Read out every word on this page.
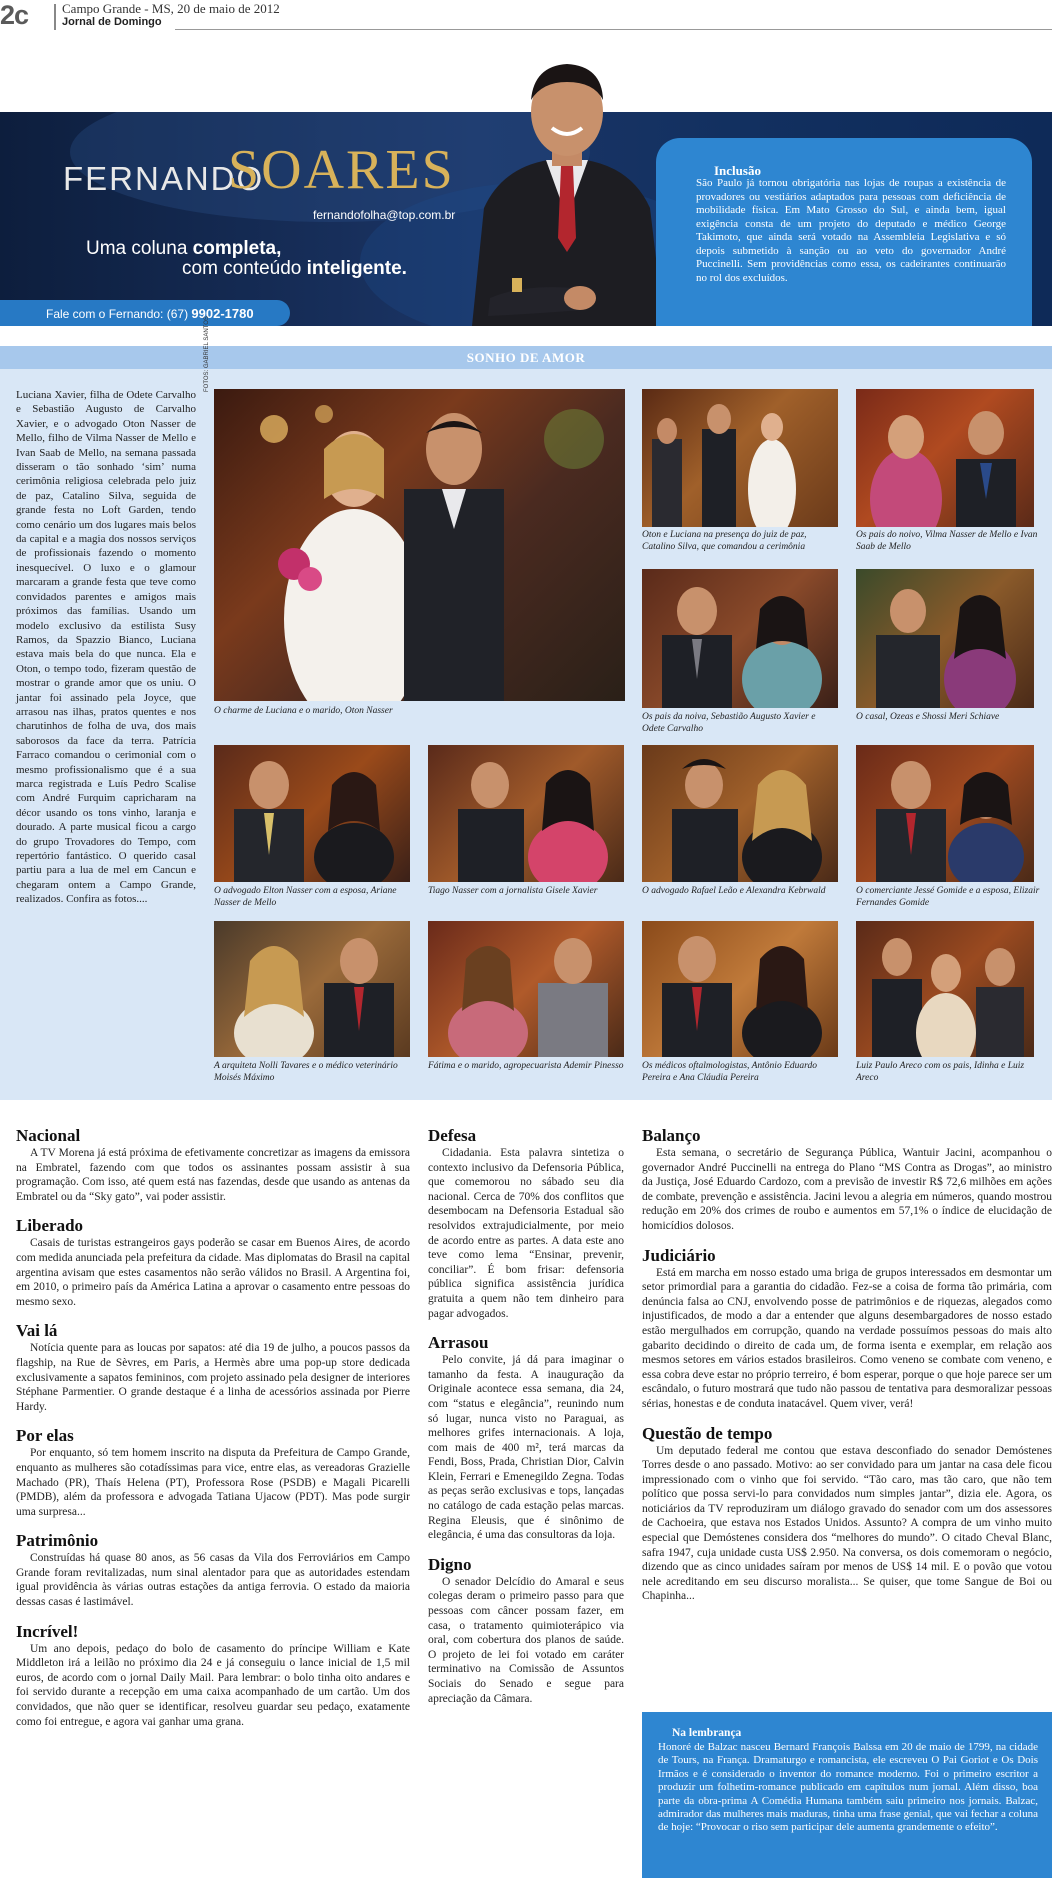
2c	Campo Grande - MS, 20 de maio de 2012
Jornal de Domingo
FERNANDO
SOARES
fernandofolha@top.com.br
Uma coluna completa,
com conteúdo inteligente.
Fale com o Fernando: (67) 9902-1780
Inclusão
São Paulo já tornou obrigatória nas lojas de roupas a existência de provadores ou vestiários adaptados para pessoas com deficiência de mobilidade física. Em Mato Grosso do Sul, e ainda bem, igual exigência consta de um projeto do deputado e médico George Takimoto, que ainda será votado na Assembleia Legislativa e só depois submetido à sanção ou ao veto do governador André Puccinelli. Sem providências como essa, os cadeirantes continuarão no rol dos excluídos.
SONHO DE AMOR
Luciana Xavier, filha de Odete Carvalho e Sebastião Augusto de Carvalho Xavier, e o advogado Oton Nasser de Mello, filho de Vilma Nasser de Mello e Ivan Saab de Mello, na semana passada disseram o tão sonhado ‘sim’ numa cerimônia religiosa celebrada pelo juiz de paz, Catalino Silva, seguida de grande festa no Loft Garden, tendo como cenário um dos lugares mais belos da capital e a magia dos nossos serviços de profissionais fazendo o momento inesquecível. O luxo e o glamour marcaram a grande festa que teve como convidados parentes e amigos mais próximos das famílias. Usando um modelo exclusivo da estilista Susy Ramos, da Spazzio Bianco, Luciana estava mais bela do que nunca. Ela e Oton, o tempo todo, fizeram questão de mostrar o grande amor que os uniu. O jantar foi assinado pela Joyce, que arrasou nas ilhas, pratos quentes e nos charutinhos de folha de uva, dos mais saborosos da face da terra. Patrícia Farraco comandou o cerimonial com o mesmo profissionalismo que é a sua marca registrada e Luís Pedro Scalise com André Furquim capricharam na décor usando os tons vinho, laranja e dourado. A parte musical ficou a cargo do grupo Trovadores do Tempo, com repertório fantástico. O querido casal partiu para a lua de mel em Cancun e chegaram ontem a Campo Grande, realizados. Confira as fotos....
FOTOS: GABRIEL SANTOS
O charme de Luciana e o marido, Oton Nasser
Oton e Luciana na presença do juiz de paz, Catalino Silva, que comandou a cerimônia
Os pais do noivo, Vilma Nasser de Mello e Ivan Saab de Mello
Os pais da noiva, Sebastião Augusto Xavier e Odete Carvalho
O casal, Ozeas e Shossi Meri Schiave
O advogado Elton Nasser com a esposa, Ariane Nasser de Mello
Tiago Nasser com a jornalista Gisele Xavier	O advogado Rafael Leão e Alexandra Kebrwald	O comerciante Jessé Gomide e a esposa, Elizair Fernandes Gomide
A arquiteta Nolli Tavares e o médico veterinário Moisés Máximo
Fátima e o marido, agropecuarista Ademir Pinesso Os médicos oftalmologistas, Antônio Eduardo Pereira e Ana Cláudia Pereira
Luiz Paulo Areco com os pais, Idinha e Luiz Areco
Nacional

A TV Morena já está próxima de efetivamente concretizar as imagens da emissora na Embratel, fazendo com que todos os assinantes possam assistir à sua programação. Com isso, até quem está nas fazendas, desde que usando as antenas da Embratel ou da “Sky gato”, vai poder assistir.

Liberado

Casais de turistas estrangeiros gays poderão se casar em Buenos Aires, de acordo com medida anunciada pela prefeitura da cidade. Mas diplomatas do Brasil na capital argentina avisam que estes casamentos não serão válidos no Brasil. A Argentina foi, em 2010, o primeiro país da América Latina a aprovar o casamento entre pessoas do mesmo sexo.

Vai lá

Notícia quente para as loucas por sapatos: até dia 19 de julho, a poucos passos da flagship, na Rue de Sèvres, em Paris, a Hermès abre uma pop-up store dedicada exclusivamente a sapatos femininos, com projeto assinado pela designer de interiores Stéphane Parmentier. O grande destaque é a linha de acessórios assinada por Pierre Hardy.

Por elas

Por enquanto, só tem homem inscrito na disputa da Prefeitura de Campo Grande, enquanto as mulheres são cotadíssimas para vice, entre elas, as vereadoras Grazielle Machado (PR), Thaís Helena (PT), Professora Rose (PSDB) e Magali Picarelli (PMDB), além da professora e advogada Tatiana Ujacow (PDT). Mas pode surgir uma surpresa...

Patrimônio

Construídas há quase 80 anos, as 56 casas da Vila dos Ferroviários em Campo Grande foram revitalizadas, num sinal alentador para que as autoridades estendam igual providência às várias outras estações da antiga ferrovia. O estado da maioria dessas casas é lastimável.

Incrível!

Um ano depois, pedaço do bolo de casamento do príncipe William e Kate Middleton irá a leilão no próximo dia 24 e já conseguiu o lance inicial de 1,5 mil euros, de acordo com o jornal Daily Mail. Para lembrar: o bolo tinha oito andares e foi servido durante a recepção em uma caixa acompanhado de um cartão. Um dos convidados, que não quer se identificar, resolveu guardar seu pedaço, exatamente como foi entregue, e agora vai ganhar uma grana.

Defesa

Cidadania. Esta palavra sintetiza o contexto inclusivo da Defensoria Pública, que comemorou no sábado seu dia nacional. Cerca de 70% dos conflitos que desembocam na Defensoria Estadual são resolvidos extrajudicialmente, por meio de acordo entre as partes. A data este ano teve como lema “Ensinar, prevenir, conciliar”. É bom frisar: defensoria pública significa assistência jurídica gratuita a quem não tem dinheiro para pagar advogados.

Arrasou

Pelo convite, já dá para imaginar o tamanho da festa. A inauguração da Originale acontece essa semana, dia 24, com “status e elegância”, reunindo num só lugar, nunca visto no Paraguai, as melhores grifes internacionais. A loja, com mais de 400 m², terá marcas da Fendi, Boss, Prada, Christian Dior, Calvin Klein, Ferrari e Emenegildo Zegna. Todas as peças serão exclusivas e tops, lançadas no catálogo de cada estação pelas marcas. Regina Eleusis, que é sinônimo de elegância, é uma das consultoras da loja.

Digno

O senador Delcídio do Amaral e seus colegas deram o primeiro passo para que pessoas com câncer possam fazer, em casa, o tratamento quimioterápico via oral, com cobertura dos planos de saúde. O projeto de lei foi votado em caráter terminativo na Comissão de Assuntos Sociais do Senado e segue para apreciação da Câmara.

Balanço

Esta semana, o secretário de Segurança Pública, Wantuir Jacini, acompanhou o governador André Puccinelli na entrega do Plano “MS Contra as Drogas”, ao ministro da Justiça, José Eduardo Cardozo, com a previsão de investir R$ 72,6 milhões em ações de combate, prevenção e assistência. Jacini levou a alegria em números, quando mostrou redução em 20% dos crimes de roubo e aumentos em 57,1% o índice de elucidação de homicídios dolosos.

Judiciário

Está em marcha em nosso estado uma briga de grupos interessados em desmontar um setor primordial para a garantia do cidadão. Fez-se a coisa de forma tão primária, com denúncia falsa ao CNJ, envolvendo posse de patrimônios e de riquezas, alegados como injustificados, de modo a dar a entender que alguns desembargadores de nosso estado estão mergulhados em corrupção, quando na verdade possuímos pessoas do mais alto gabarito decidindo o direito de cada um, de forma isenta e exemplar, em relação aos mesmos setores em vários estados brasileiros. Como veneno se combate com veneno, e essa cobra deve estar no próprio terreiro, é bom esperar, porque o que hoje parece ser um escândalo, o futuro mostrará que tudo não passou de tentativa para desmoralizar pessoas sérias, honestas e de conduta inatacável. Quem viver, verá!

Questão de tempo

Um deputado federal me contou que estava desconfiado do senador Demóstenes Torres desde o ano passado. Motivo: ao ser convidado para um jantar na casa dele ficou impressionado com o vinho que foi servido. “Tão caro, mas tão caro, que não tem político que possa servi-lo para convidados num simples jantar”, dizia ele. Agora, os noticiários da TV reproduziram um diálogo gravado do senador com um dos assessores de Cachoeira, que estava nos Estados Unidos. Assunto? A compra de um vinho muito especial que Demóstenes considera dos “melhores do mundo”. O citado Cheval Blanc, safra 1947, cuja unidade custa US$ 2.950. Na conversa, os dois comemoram o negócio, dizendo que as cinco unidades saíram por menos de US$ 14 mil. E o povão que votou nele acreditando em seu discurso moralista... Se quiser, que tome Sangue de Boi ou Chapinha...

Na lembrança
Honoré de Balzac nasceu Bernard François Balssa em 20 de maio de 1799, na cidade de Tours, na França. Dramaturgo e romancista, ele escreveu O Pai Goriot e Os Dois Irmãos e é considerado o inventor do romance moderno. Foi o primeiro escritor a produzir um folhetim-romance publicado em capítulos num jornal. Além disso, boa parte da obra-prima A Comédia Humana também saiu primeiro nos jornais. Balzac, admirador das mulheres mais maduras, tinha uma frase genial, que vai fechar a coluna de hoje: “Provocar o riso sem participar dele aumenta grandemente o efeito”.
